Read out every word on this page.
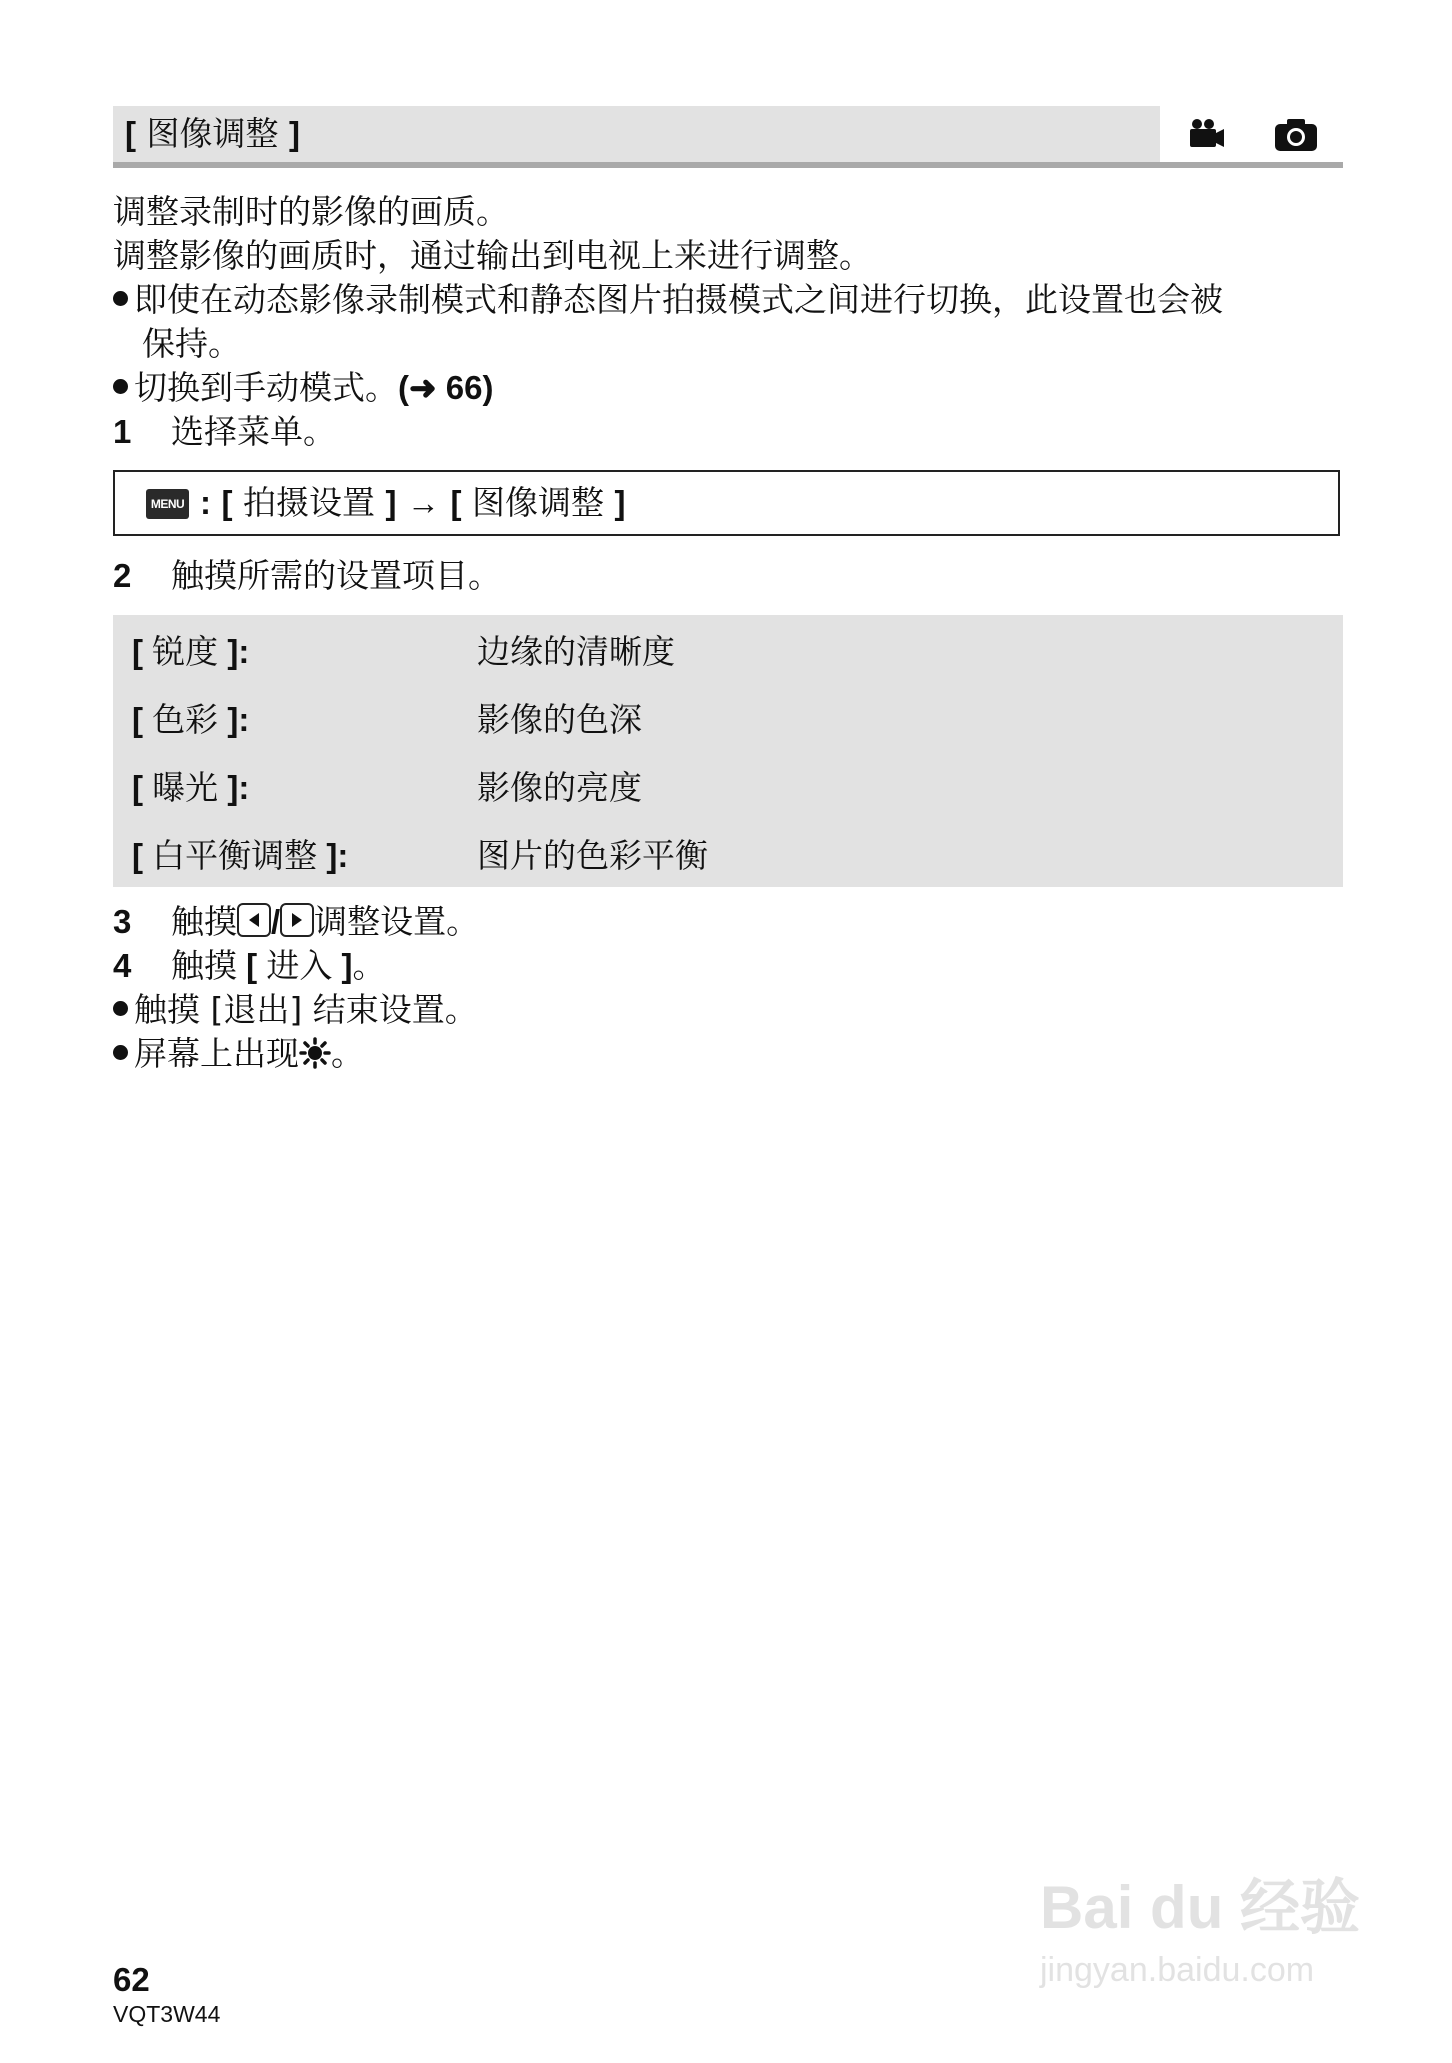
[ 图像调整 ]
调整录制时的影像的画质。
调整影像的画质时，通过输出到电视上来进行调整。
即使在动态影像录制模式和静态图片拍摄模式之间进行切换，此设置也会被
保持。
切换到手动模式。(➜ 66)
1 选择菜单。
MENU : [ 拍摄设置 ] → [ 图像调整 ]
2 触摸所需的设置项目。
[ 锐度 ]:	边缘的清晰度
[ 色彩 ]:	影像的色深
[ 曝光 ]:	影像的亮度
[ 白平衡调整 ]:	图片的色彩平衡
3 触摸 / 调整设置。
4 触摸 [ 进入 ]。
触摸 [退出] 结束设置。
屏幕上出现 。
62
VQT3W44
Bai du 经验
jingyan.baidu.com
